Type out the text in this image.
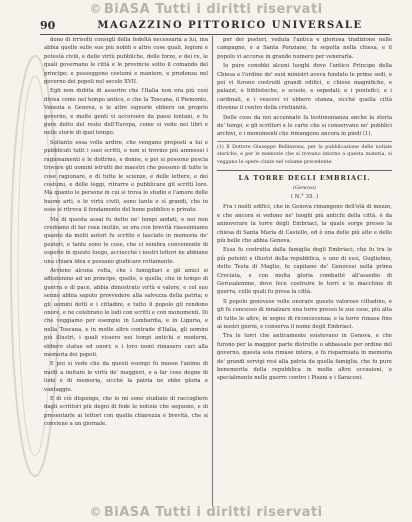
© BiASA Tutti i diritti riservati
90	MAGAZZINO PITTORICO UNIVERSALE

dono di irrisolti consigli della fedeltà necessaria a lui, ma abbia quelle sulle sue più nobili e altre cose quali, legioni e potestà civili, e delle virtù pubbliche, delle forze, e dei re, le quali governano le città e le provincie sotto il comando del principe; e posseggono costumi e maniere, e prudenza nel governo dei popoli nel secolo XVII.

Egli non dubita di asserire che l'Italia non era più così divisa come nel tempo antico, e che la Toscana, il Piemonte, Venezia e Genova, e le altre signorie ebbero un proprio governo, e molte genti vi accorsero da paesi lontani, e fu pure detto del resto dell'Europa, come si vede nei libri e nelle storie di quel tempo.

Soltanto essa volle ardire, che vengano proposti a lui e pubblicati tutti i suoi scritti, e non si trovino più ammessi i ragionamenti e le dottrine, e donne, e poi si possono poscia trovare gli uomini istrutti dei maestri che possono di tutte le cose ragionare, e di tutte le scienze, e delle lettere, e dei costumi, e delle leggi, ritrarre e pubblicare gli scritti loro. Ma quanto le persone in cui si trova lo studio e l'amore delle buone arti, e le virtù civili, sono tante e sì grandi, che in esse si ritrova il fondamento del bene pubblico e privato.

Ma di questa assai fu detto ne' tempi andati, e noi non crediamo di far cosa inutile, se ora con brevità riassumiamo quanto da molti autori fu scritto e lasciato in memoria de' posteri, e tante sono le cose, che ci sembra conveniente di esporle in questo luogo, acciocché i nostri lettori ne abbiano una chiara idea e possano giudicare rettamente.

Avviene alcuna volta, che i famigliari e gli amici si affezionino ad un principe, quello, o quella, che in tempo di guerra o di pace, abbia dimostrato virtù e valore, e col suo senno abbia saputo provvedere alla salvezza della patria; e gli uomini dotti e i cittadini, e tutto il popolo gli rendono onore, e ne celebrano le lodi con scritti e con monumenti. Di che veggiamo per esempio in Lombardia, e in Liguria, e nella Toscana, e in molte altre contrade d'Italia, gli uomini più illustri, i quali vissero nei tempi antichi e moderni, ebbero statue ed onori; e i loro nomi rimasero cari alla memoria dei popoli.

E poi si vede che da questi esempi fu mosso l'animo di molti a imitare le virtù de' maggiori, e a far cose degne di lode e di memoria, sicché la patria ne ebbe gloria e vantaggio.

E di ciò dispongo, che io mi sono studiato di raccogliere dagli scrittori più degni di fede le notizie che seguono, e di presentarle ai lettori con quella chiarezza e brevità, che si conviene a un giornale.

per dei posteri, veduta l'antica e gloriosa tradizione nelle campagne, e a Santa Ponziano, fu sepolta nella chiesa, e il popolo vi accorse in grande numero per venerarla.

Io pure conobbi alcuni luoghi dove l'antico Principe della Chiesa e l'ordine de' suoi ministri aveva fondato le prime sedi, e poi vi furono costruiti grandi edifici, e chiese magnifiche, e palazzi, e biblioteche, e scuole, e ospedali; e i pontefici, e i cardinali, e i vescovi vi ebbero stanza, sicché quella città divenne il centro della cristianità.

Delle cose da noi accennate fa testimonianza anche la storia de' tempi, e gli scrittori e le carte che si conservano ne' pubblici archivi, e i monumenti che rimangono ancora in piedi (1).

(1) Il Dottore Giuseppe Bellinzona, per la pubblicazione delle notizie storiche, e per le memorie che si trovano intorno a questa materia, si veggano le opere citate nel volume precedente.
LA TORRE DEGLI EMBRIACI.
(Genova)
( N.° 35. )

Fra i molti edifici, che in Genova rimangono dell'età di mezzo, e che ancora si vedono ne' luoghi più antichi della città, è da annoverare la torre degli Embriaci, la quale sorge presso la chiesa di Santa Maria di Castello, ed è una delle più alte e delle più belle che abbia Genova.

Essa fu costrutta dalla famiglia degli Embriaci, che fu tra le più potenti e illustri della repubblica, e uno di essi, Guglielmo, detto Testa di Maglio, fu capitano de' Genovesi nella prima Crociata, e con molta gloria combatté all'assedio di Gerusalemme, dove fece costruire le torri e le macchine di guerra, colle quali fu presa la città.

Il popolo genovese volle onorare questo valoroso cittadino, e gli fu concesso di innalzare una torre presso le sue case, più alta di tutte le altre, in segno di riconoscenza; e la torre rimase fino ai nostri giorni, e conserva il nome degli Embriaci.

Tra le torri che anticamente esistevano in Genova, e che furono per la maggior parte distrutte o abbassate per ordine del governo, questa sola rimase intera, e fu risparmiata in memoria de' grandi servigi resi alla patria da quella famiglia, che fu pure benemerita della repubblica in molte altre occasioni, e specialmente nelle guerre contro i Pisani e i Saraceni.

© BiASA Tutti i diritti riservati
